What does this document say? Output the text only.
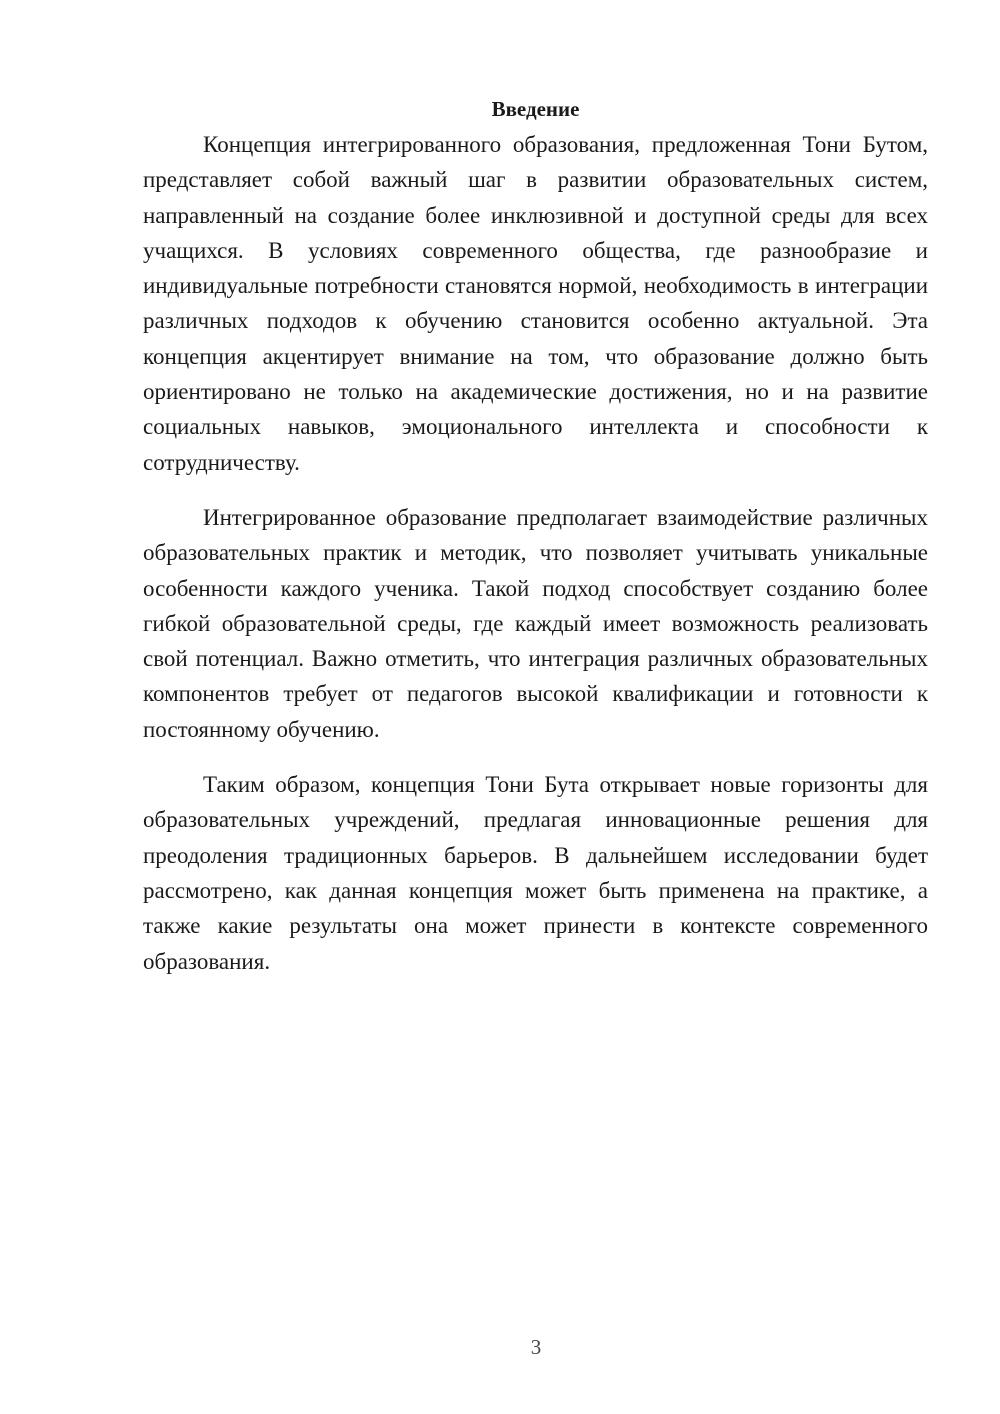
Введение

Концепция интегрированного образования, предложенная Тони Бутом, представляет собой важный шаг в развитии образовательных систем, направленный на создание более инклюзивной и доступной среды для всех учащихся. В условиях современного общества, где разнообразие и индивидуальные потребности становятся нормой, необходимость в интеграции различных подходов к обучению становится особенно актуальной. Эта концепция акцентирует внимание на том, что образование должно быть ориентировано не только на академические достижения, но и на развитие социальных навыков, эмоционального интеллекта и способности к сотрудничеству.

Интегрированное образование предполагает взаимодействие различных образовательных практик и методик, что позволяет учитывать уникальные особенности каждого ученика. Такой подход способствует созданию более гибкой образовательной среды, где каждый имеет возможность реализовать свой потенциал. Важно отметить, что интеграция различных образовательных компонентов требует от педагогов высокой квалификации и готовности к постоянному обучению.

Таким образом, концепция Тони Бута открывает новые горизонты для образовательных учреждений, предлагая инновационные решения для преодоления традиционных барьеров. В дальнейшем исследовании будет рассмотрено, как данная концепция может быть применена на практике, а также какие результаты она может принести в контексте современного образования.

3
